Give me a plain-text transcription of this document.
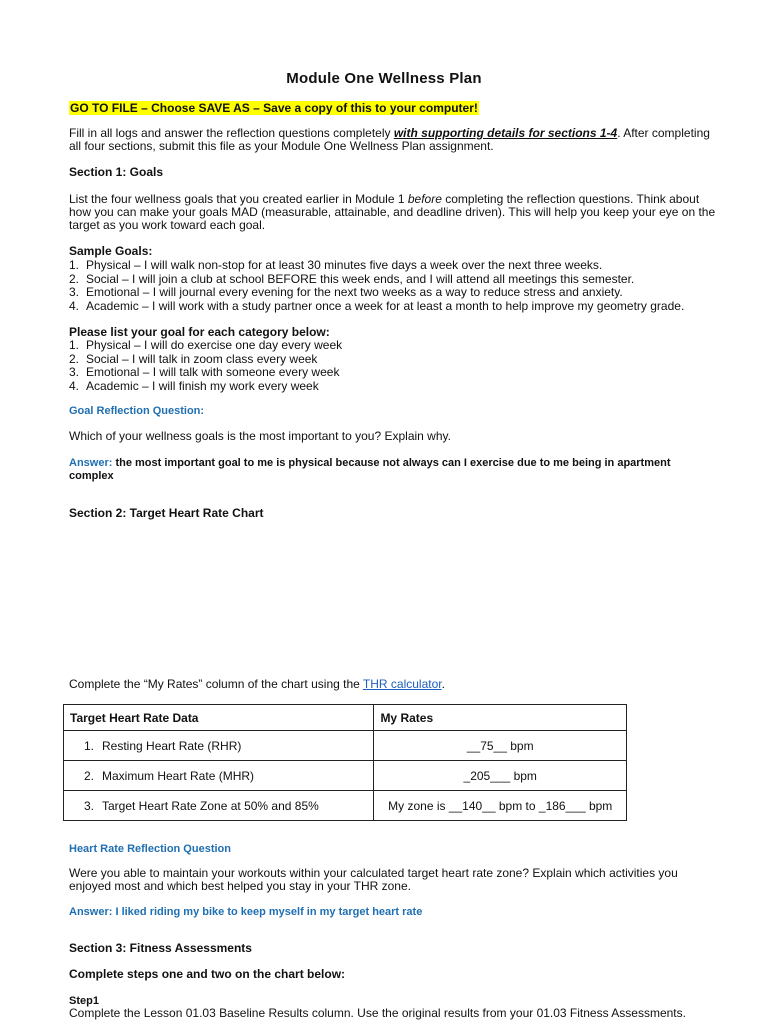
Module One Wellness Plan

GO TO FILE – Choose SAVE AS – Save a copy of this to your computer!

Fill in all logs and answer the reflection questions completely with supporting details for sections 1-4. After completing

all four sections, submit this file as your Module One Wellness Plan assignment.

Section 1: Goals

List the four wellness goals that you created earlier in Module 1 before completing the reflection questions. Think about

how you can make your goals MAD (measurable, attainable, and deadline driven). This will help you keep your eye on the

target as you work toward each goal.

Sample Goals:

1. Physical – I will walk non-stop for at least 30 minutes five days a week over the next three weeks.
2. Social – I will join a club at school BEFORE this week ends, and I will attend all meetings this semester.
3. Emotional – I will journal every evening for the next two weeks as a way to reduce stress and anxiety.
4. Academic – I will work with a study partner once a week for at least a month to help improve my geometry grade.

Please list your goal for each category below:

1. Physical – I will do exercise one day every week
2. Social – I will talk in zoom class every week
3. Emotional – I will talk with someone every week
4. Academic – I will finish my work every week

Goal Reflection Question:

Which of your wellness goals is the most important to you? Explain why.

Answer: the most important goal to me is physical because not always can I exercise due to me being in apartment

complex

Section 2: Target Heart Rate Chart

Complete the “My Rates” column of the chart using the THR calculator.

Target Heart Rate Data	My Rates
1. Resting Heart Rate (RHR)	__75__ bpm
2. Maximum Heart Rate (MHR)	_205___ bpm
3. Target Heart Rate Zone at 50% and 85%	My zone is __140__ bpm to _186___ bpm

Heart Rate Reflection Question

Were you able to maintain your workouts within your calculated target heart rate zone? Explain which activities you

enjoyed most and which best helped you stay in your THR zone.

Answer: I liked riding my bike to keep myself in my target heart rate

Section 3: Fitness Assessments

Complete steps one and two on the chart below:

Step1

Complete the Lesson 01.03 Baseline Results column. Use the original results from your 01.03 Fitness Assessments.
